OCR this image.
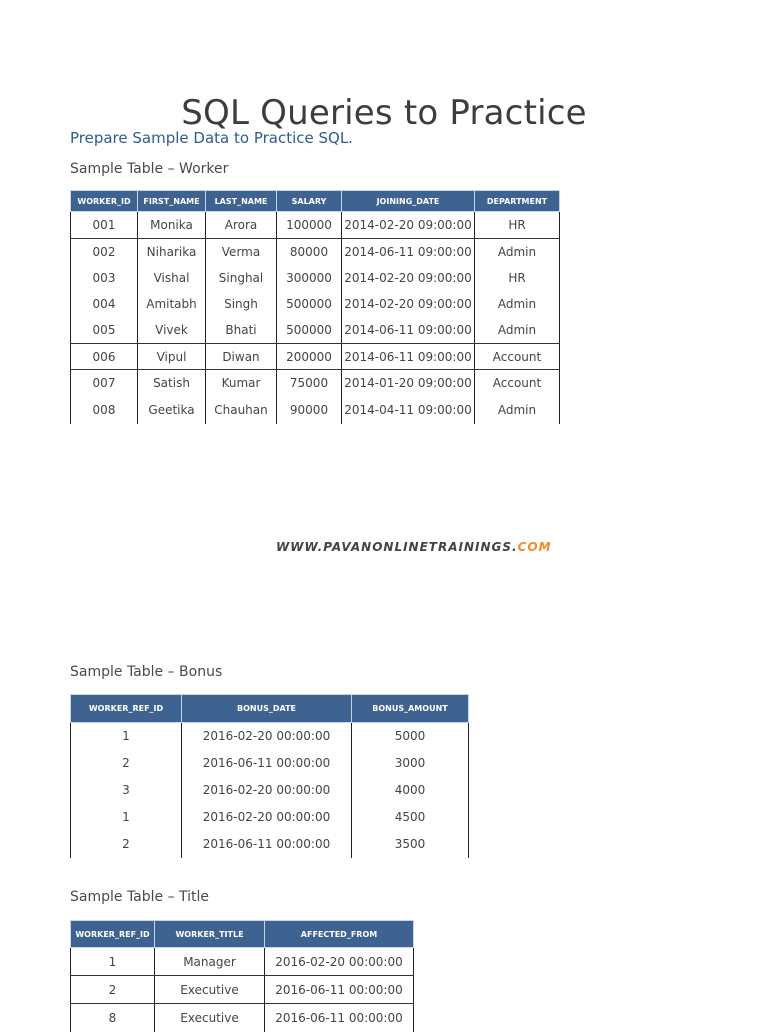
SQL Queries to Practice
Prepare Sample Data to Practice SQL.
Sample Table – Worker
WORKER_ID	FIRST_NAME	LAST_NAME	SALARY	JOINING_DATE	DEPARTMENT
001	Monika	Arora	100000	2014-02-20 09:00:00	HR
002	Niharika	Verma	80000	2014-06-11 09:00:00	Admin
003	Vishal	Singhal	300000	2014-02-20 09:00:00	HR
004	Amitabh	Singh	500000	2014-02-20 09:00:00	Admin
005	Vivek	Bhati	500000	2014-06-11 09:00:00	Admin
006	Vipul	Diwan	200000	2014-06-11 09:00:00	Account
007	Satish	Kumar	75000	2014-01-20 09:00:00	Account
008	Geetika	Chauhan	90000	2014-04-11 09:00:00	Admin
WWW.PAVANONLINETRAININGS.COM
Sample Table – Bonus
WORKER_REF_ID	BONUS_DATE	BONUS_AMOUNT
1	2016-02-20 00:00:00	5000
2	2016-06-11 00:00:00	3000
3	2016-02-20 00:00:00	4000
1	2016-02-20 00:00:00	4500
2	2016-06-11 00:00:00	3500
Sample Table – Title
WORKER_REF_ID	WORKER_TITLE	AFFECTED_FROM
1	Manager	2016-02-20 00:00:00
2	Executive	2016-06-11 00:00:00
8	Executive	2016-06-11 00:00:00
